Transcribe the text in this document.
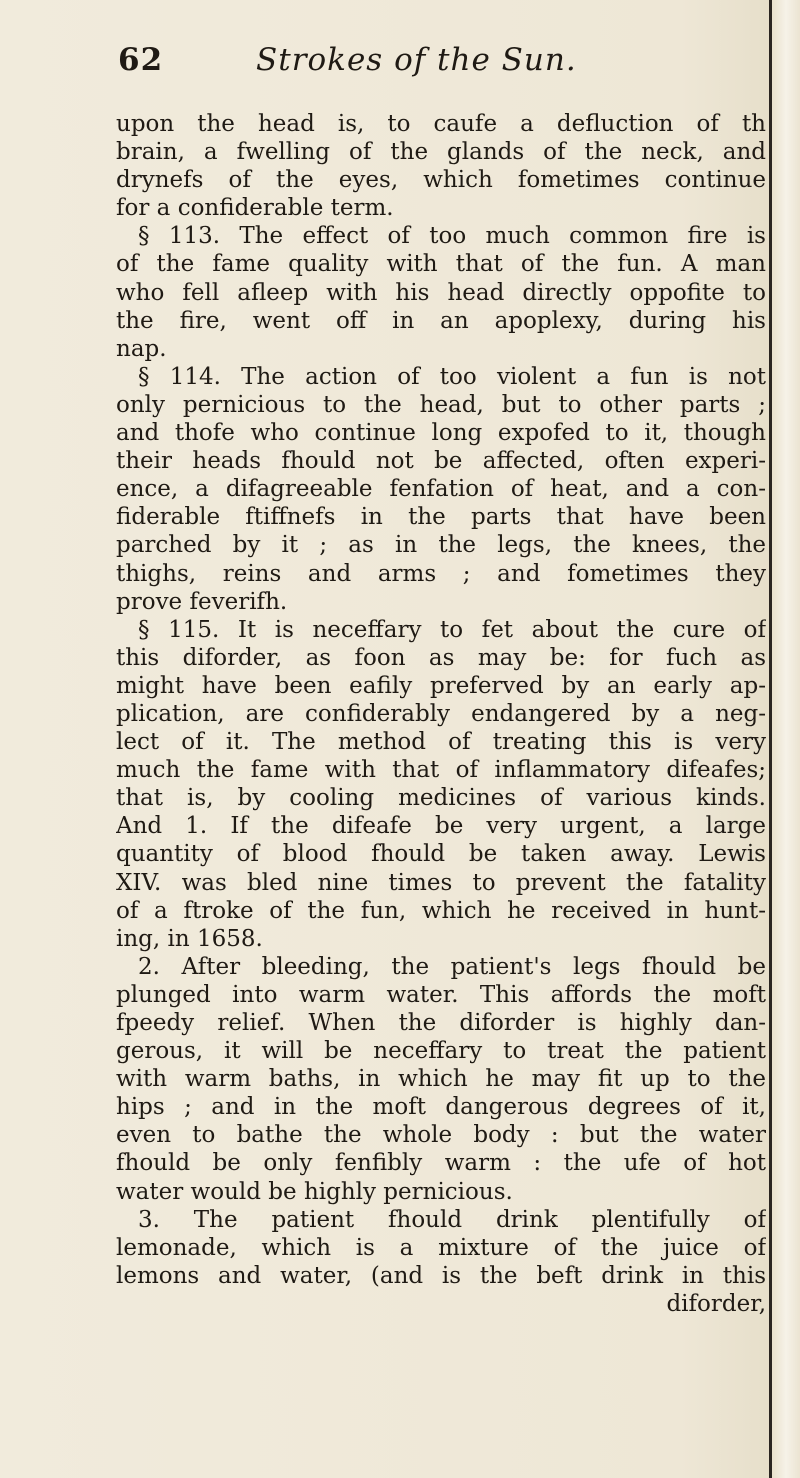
62	Strokes of the Sun.
upon the head is, to caufe a defluction of th
brain, a fwelling of the glands of the neck, and
drynefs of the eyes, which fometimes continue
for a confiderable term.
§ 113. The effect of too much common fire is
of the fame quality with that of the fun. A man
who fell afleep with his head directly oppofite to
the fire, went off in an apoplexy, during his
nap.
§ 114. The action of too violent a fun is not
only pernicious to the head, but to other parts ;
and thofe who continue long expofed to it, though
their heads fhould not be affected, often experi-
ence, a difagreeable fenfation of heat, and a con-
fiderable ftiffnefs in the parts that have been
parched by it ; as in the legs, the knees, the
thighs, reins and arms ; and fometimes they
prove feverifh.
§ 115. It is neceffary to fet about the cure of
this diforder, as foon as may be: for fuch as
might have been eafily preferved by an early ap-
plication, are confiderably endangered by a neg-
lect of it. The method of treating this is very
much the fame with that of inflammatory difeafes;
that is, by cooling medicines of various kinds.
And 1. If the difeafe be very urgent, a large
quantity of blood fhould be taken away. Lewis
XIV. was bled nine times to prevent the fatality
of a ftroke of the fun, which he received in hunt-
ing, in 1658.
2. After bleeding, the patient's legs fhould be
plunged into warm water. This affords the moft
fpeedy relief. When the diforder is highly dan-
gerous, it will be neceffary to treat the patient
with warm baths, in which he may fit up to the
hips ; and in the moft dangerous degrees of it,
even to bathe the whole body : but the water
fhould be only fenfibly warm : the ufe of hot
water would be highly pernicious.
3. The patient fhould drink plentifully of
lemonade, which is a mixture of the juice of
lemons and water, (and is the beft drink in this
diforder,
